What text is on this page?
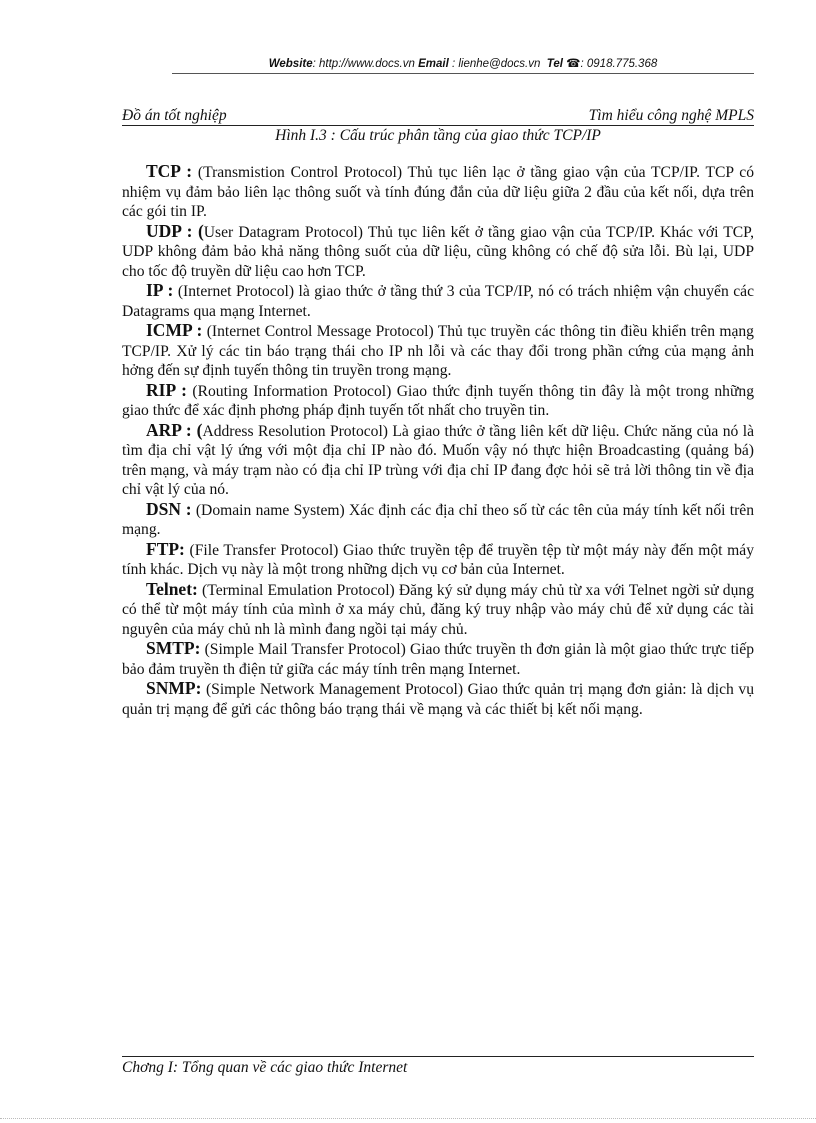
Website: http://www.docs.vn Email : lienhe@docs.vn Tel ☎: 0918.775.368
Đồ án tốt nghiệp	Tìm hiểu công nghệ MPLS
Hình I.3 : Cấu trúc phân tầng của giao thức TCP/IP

TCP : (Transmistion Control Protocol) Thủ tục liên lạc ở tầng giao vận của TCP/IP. TCP có nhiệm vụ đảm bảo liên lạc thông suốt và tính đúng đắn của dữ liệu giữa 2 đầu của kết nối, dựa trên các gói tin IP.

UDP : (User Datagram Protocol) Thủ tục liên kết ở tầng giao vận của TCP/IP. Khác với TCP, UDP không đảm bảo khả năng thông suốt của dữ liệu, cũng không có chế độ sửa lỗi. Bù lại, UDP cho tốc độ truyền dữ liệu cao hơn TCP.

IP : (Internet Protocol) là giao thức ở tầng thứ 3 của TCP/IP, nó có trách nhiệm vận chuyển các Datagrams qua mạng Internet.

ICMP : (Internet Control Message Protocol) Thủ tục truyền các thông tin điều khiển trên mạng TCP/IP. Xử lý các tin báo trạng thái cho IP nh lỗi và các thay đổi trong phần cứng của mạng ảnh hởng đến sự định tuyến thông tin truyền trong mạng.

RIP : (Routing Information Protocol) Giao thức định tuyến thông tin đây là một trong những giao thức để xác định phơng pháp định tuyến tốt nhất cho truyền tin.

ARP : (Address Resolution Protocol) Là giao thức ở tầng liên kết dữ liệu. Chức năng của nó là tìm địa chỉ vật lý ứng với một địa chỉ IP nào đó. Muốn vậy nó thực hiện Broadcasting (quảng bá) trên mạng, và máy trạm nào có địa chỉ IP trùng với địa chỉ IP đang đợc hỏi sẽ trả lời thông tin về địa chỉ vật lý của nó.

DSN : (Domain name System) Xác định các địa chỉ theo số từ các tên của máy tính kết nối trên mạng.

FTP: (File Transfer Protocol) Giao thức truyền tệp để truyền tệp từ một máy này đến một máy tính khác. Dịch vụ này là một trong những dịch vụ cơ bản của Internet.

Telnet: (Terminal Emulation Protocol) Đăng ký sử dụng máy chủ từ xa với Telnet ngời sử dụng có thể từ một máy tính của mình ở xa máy chủ, đăng ký truy nhập vào máy chủ để xử dụng các tài nguyên của máy chủ nh là mình đang ngồi tại máy chủ.

SMTP: (Simple Mail Transfer Protocol) Giao thức truyền th đơn giản là một giao thức trực tiếp bảo đảm truyền th điện tử giữa các máy tính trên mạng Internet.

SNMP: (Simple Network Management Protocol) Giao thức quản trị mạng đơn giản: là dịch vụ quản trị mạng để gửi các thông báo trạng thái về mạng và các thiết bị kết nối mạng.

Chơng I: Tổng quan về các giao thức Internet
